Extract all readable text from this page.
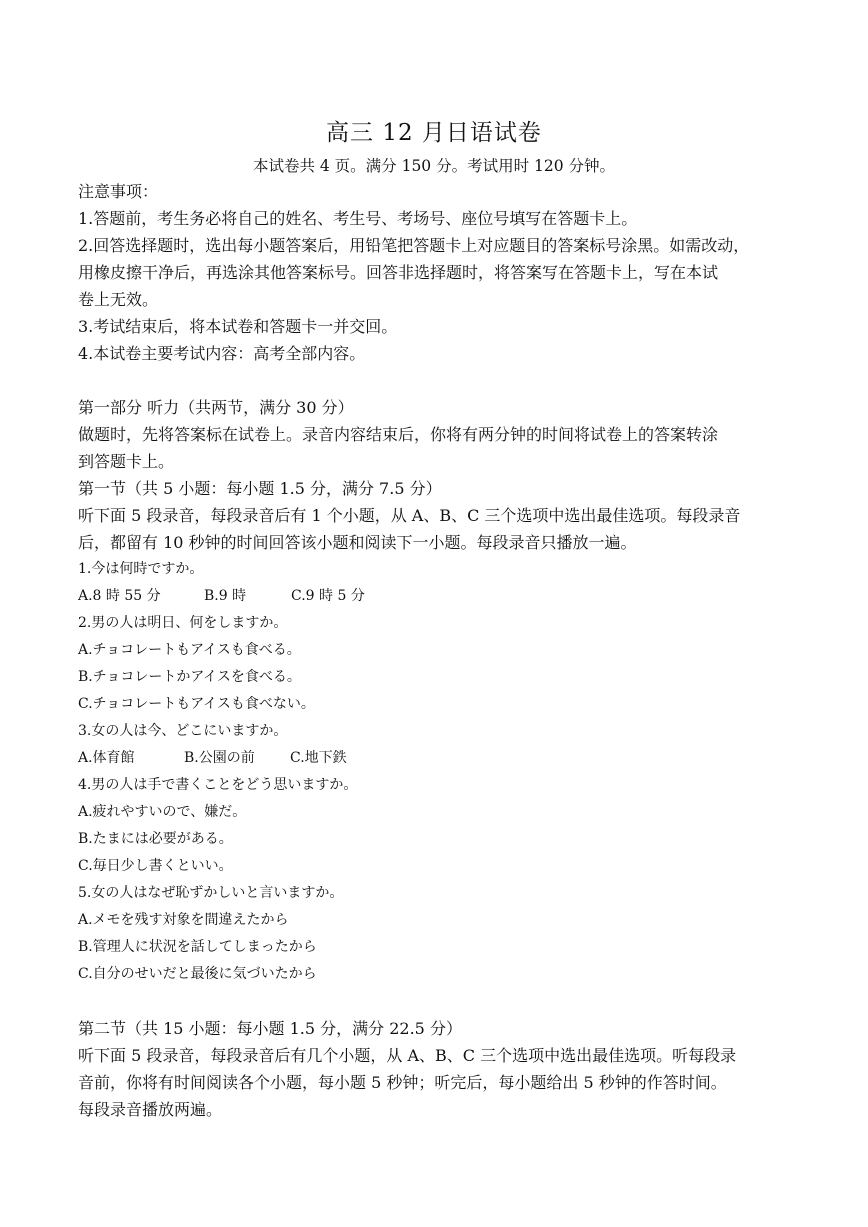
高三 12 月日语试卷
本试卷共 4 页。满分 150 分。考试用时 120 分钟。

注意事项：

1.答题前，考生务必将自己的姓名、考生号、考场号、座位号填写在答题卡上。

2.回答选择题时，选出每小题答案后，用铅笔把答题卡上对应题目的答案标号涂黑。如需改动，

用橡皮擦干净后，再选涂其他答案标号。回答非选择题时，将答案写在答题卡上，写在本试

卷上无效。

3.考试结束后，将本试卷和答题卡一并交回。

4.本试卷主要考试内容：高考全部内容。

第一部分 听力（共两节，满分 30 分）

做题时，先将答案标在试卷上。录音内容结束后，你将有两分钟的时间将试卷上的答案转涂

到答题卡上。

第一节（共 5 小题：每小题 1.5 分，满分 7.5 分）

听下面 5 段录音，每段录音后有 1 个小题，从 A、B、C 三个选项中选出最佳选项。每段录音

后，都留有 10 秒钟的时间回答该小题和阅读下一小题。每段录音只播放一遍。

1.今は何時ですか。

A.8 時 55 分	B.9 時	C.9 時 5 分

2.男の人は明日、何をしますか。

A.チョコレートもアイスも食べる。

B.チョコレートかアイスを食べる。

C.チョコレートもアイスも食べない。

3.女の人は今、どこにいますか。

A.体育館	B.公園の前	C.地下鉄

4.男の人は手で書くことをどう思いますか。

A.疲れやすいので、嫌だ。

B.たまには必要がある。

C.毎日少し書くといい。

5.女の人はなぜ恥ずかしいと言いますか。

A.メモを残す対象を間違えたから

B.管理人に状況を話してしまったから

C.自分のせいだと最後に気づいたから

第二节（共 15 小题：每小题 1.5 分，满分 22.5 分）

听下面 5 段录音，每段录音后有几个小题，从 A、B、C 三个选项中选出最佳选项。听每段录

音前，你将有时间阅读各个小题，每小题 5 秒钟；听完后，每小题给出 5 秒钟的作答时间。

每段录音播放两遍。
